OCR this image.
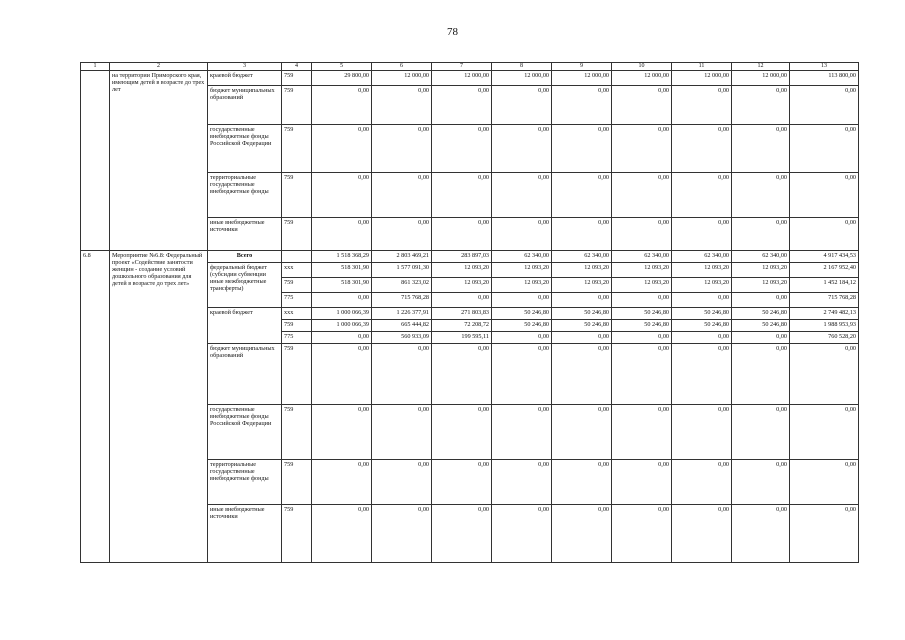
78
1	2	3	4	5	6	7	8	9	10	11	12	13
	на территории Приморского края, имеющим детей в возрасте до трех лет	краевой бюджет	759	29 800,00	12 000,00	12 000,00	12 000,00	12 000,00	12 000,00	12 000,00	12 000,00	113 800,00
		бюджет муниципальных образований	759	0,00	0,00	0,00	0,00	0,00	0,00	0,00	0,00	0,00
		государственные внебюджетные фонды Российской Федерации	759	0,00	0,00	0,00	0,00	0,00	0,00	0,00	0,00	0,00
		территориальные государственные внебюджетные фонды	759	0,00	0,00	0,00	0,00	0,00	0,00	0,00	0,00	0,00
		иные внебюджетные источники	759	0,00	0,00	0,00	0,00	0,00	0,00	0,00	0,00	0,00
6.8	Мероприятие №6.8: Федеральный проект «Содействие занятости женщин - создание условий дошкольного образования для детей в возрасте до трех лет»	Всего		1 518 368,29	2 803 469,21	283 897,03	62 340,00	62 340,00	62 340,00	62 340,00	62 340,00	4 917 434,53
		федеральный бюджет (субсидии субвенции иные межбюджетные трансферты)	ххх	518 301,90	1 577 091,30	12 093,20	12 093,20	12 093,20	12 093,20	12 093,20	12 093,20	2 167 952,40
			759	518 301,90	861 323,02	12 093,20	12 093,20	12 093,20	12 093,20	12 093,20	12 093,20	1 452 184,12
			775	0,00	715 768,28	0,00	0,00	0,00	0,00	0,00	0,00	715 768,28
		краевой бюджет	ххх	1 000 066,39	1 226 377,91	271 803,83	50 246,80	50 246,80	50 246,80	50 246,80	50 246,80	2 749 482,13
			759	1 000 066,39	665 444,82	72 208,72	50 246,80	50 246,80	50 246,80	50 246,80	50 246,80	1 988 953,93
			775	0,00	560 933,09	199 595,11	0,00	0,00	0,00	0,00	0,00	760 528,20
		бюджет муниципальных образований	759	0,00	0,00	0,00	0,00	0,00	0,00	0,00	0,00	0,00
		государственные внебюджетные фонды Российской Федерации	759	0,00	0,00	0,00	0,00	0,00	0,00	0,00	0,00	0,00
		территориальные государственные внебюджетные фонды	759	0,00	0,00	0,00	0,00	0,00	0,00	0,00	0,00	0,00
		иные внебюджетные источники	759	0,00	0,00	0,00	0,00	0,00	0,00	0,00	0,00	0,00
